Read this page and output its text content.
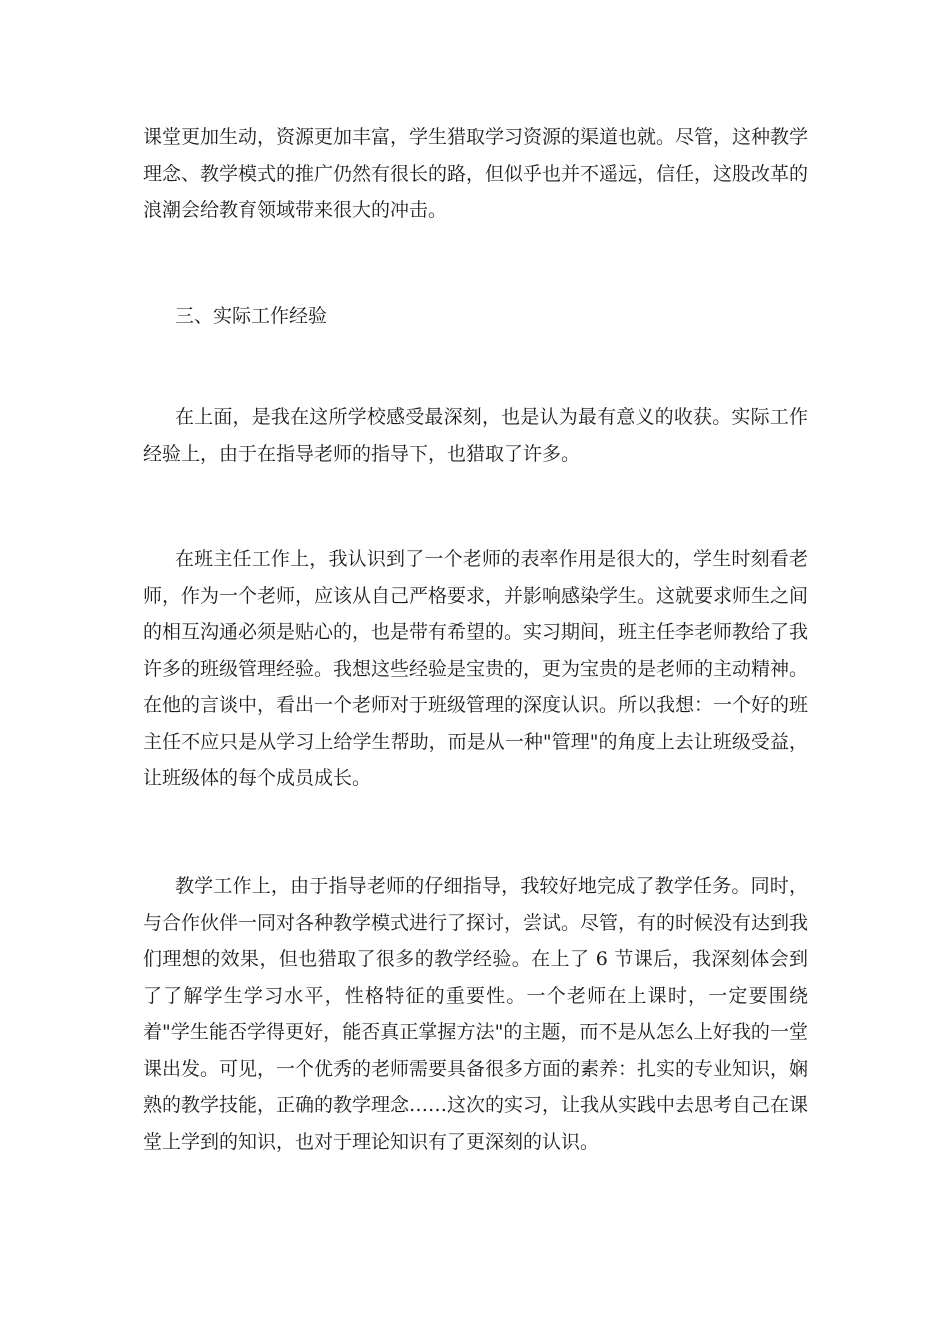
课堂更加生动，资源更加丰富，学生猎取学习资源的渠道也就。尽管，这种教学理念、教学模式的推广仍然有很长的路，但似乎也并不遥远，信任，这股改革的浪潮会给教育领域带来很大的冲击。

三、实际工作经验

在上面，是我在这所学校感受最深刻，也是认为最有意义的收获。实际工作经验上，由于在指导老师的指导下，也猎取了许多。

在班主任工作上，我认识到了一个老师的表率作用是很大的，学生时刻看老师，作为一个老师，应该从自己严格要求，并影响感染学生。这就要求师生之间的相互沟通必须是贴心的，也是带有希望的。实习期间，班主任李老师教给了我许多的班级管理经验。我想这些经验是宝贵的，更为宝贵的是老师的主动精神。在他的言谈中，看出一个老师对于班级管理的深度认识。所以我想：一个好的班主任不应只是从学习上给学生帮助，而是从一种"管理"的角度上去让班级受益，让班级体的每个成员成长。

教学工作上，由于指导老师的仔细指导，我较好地完成了教学任务。同时，与合作伙伴一同对各种教学模式进行了探讨，尝试。尽管，有的时候没有达到我们理想的效果，但也猎取了很多的教学经验。在上了 6 节课后，我深刻体会到了了解学生学习水平，性格特征的重要性。一个老师在上课时，一定要围绕着"学生能否学得更好，能否真正掌握方法"的主题，而不是从怎么上好我的一堂课出发。可见，一个优秀的老师需要具备很多方面的素养：扎实的专业知识，娴熟的教学技能，正确的教学理念……这次的实习，让我从实践中去思考自己在课堂上学到的知识，也对于理论知识有了更深刻的认识。
